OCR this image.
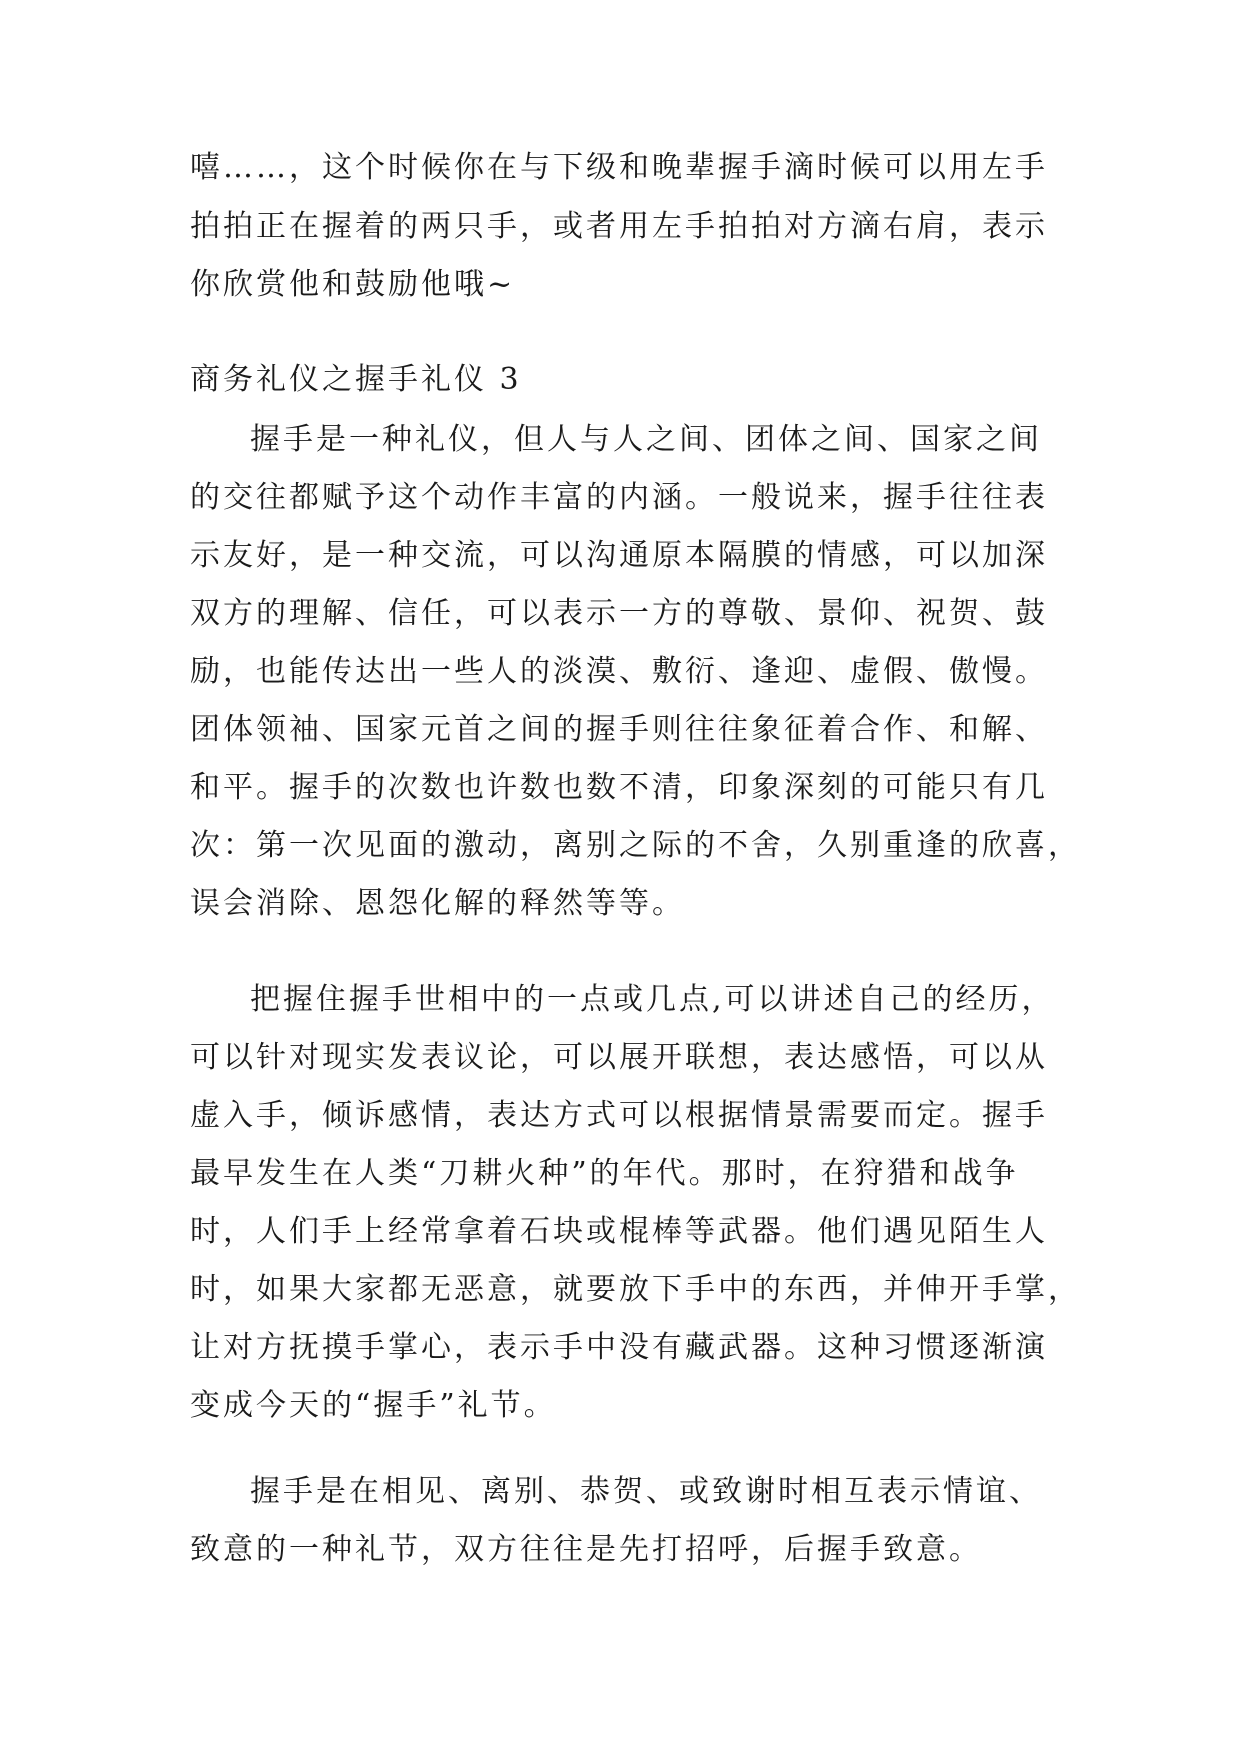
嘻……，这个时候你在与下级和晚辈握手滴时候可以用左手
拍拍正在握着的两只手，或者用左手拍拍对方滴右肩，表示
你欣赏他和鼓励他哦~
商务礼仪之握手礼仪 3
握手是一种礼仪，但人与人之间、团体之间、国家之间
的交往都赋予这个动作丰富的内涵。一般说来，握手往往表
示友好，是一种交流，可以沟通原本隔膜的情感，可以加深
双方的理解、信任，可以表示一方的尊敬、景仰、祝贺、鼓
励，也能传达出一些人的淡漠、敷衍、逢迎、虚假、傲慢。
团体领袖、国家元首之间的握手则往往象征着合作、和解、
和平。握手的次数也许数也数不清，印象深刻的可能只有几
次：第一次见面的激动，离别之际的不舍，久别重逢的欣喜，
误会消除、恩怨化解的释然等等。
把握住握手世相中的一点或几点,可以讲述自己的经历，
可以针对现实发表议论，可以展开联想，表达感悟，可以从
虚入手，倾诉感情，表达方式可以根据情景需要而定。握手
最早发生在人类“刀耕火种”的年代。那时，在狩猎和战争
时，人们手上经常拿着石块或棍棒等武器。他们遇见陌生人
时，如果大家都无恶意，就要放下手中的东西，并伸开手掌，
让对方抚摸手掌心，表示手中没有藏武器。这种习惯逐渐演
变成今天的“握手”礼节。
握手是在相见、离别、恭贺、或致谢时相互表示情谊、
致意的一种礼节，双方往往是先打招呼，后握手致意。
